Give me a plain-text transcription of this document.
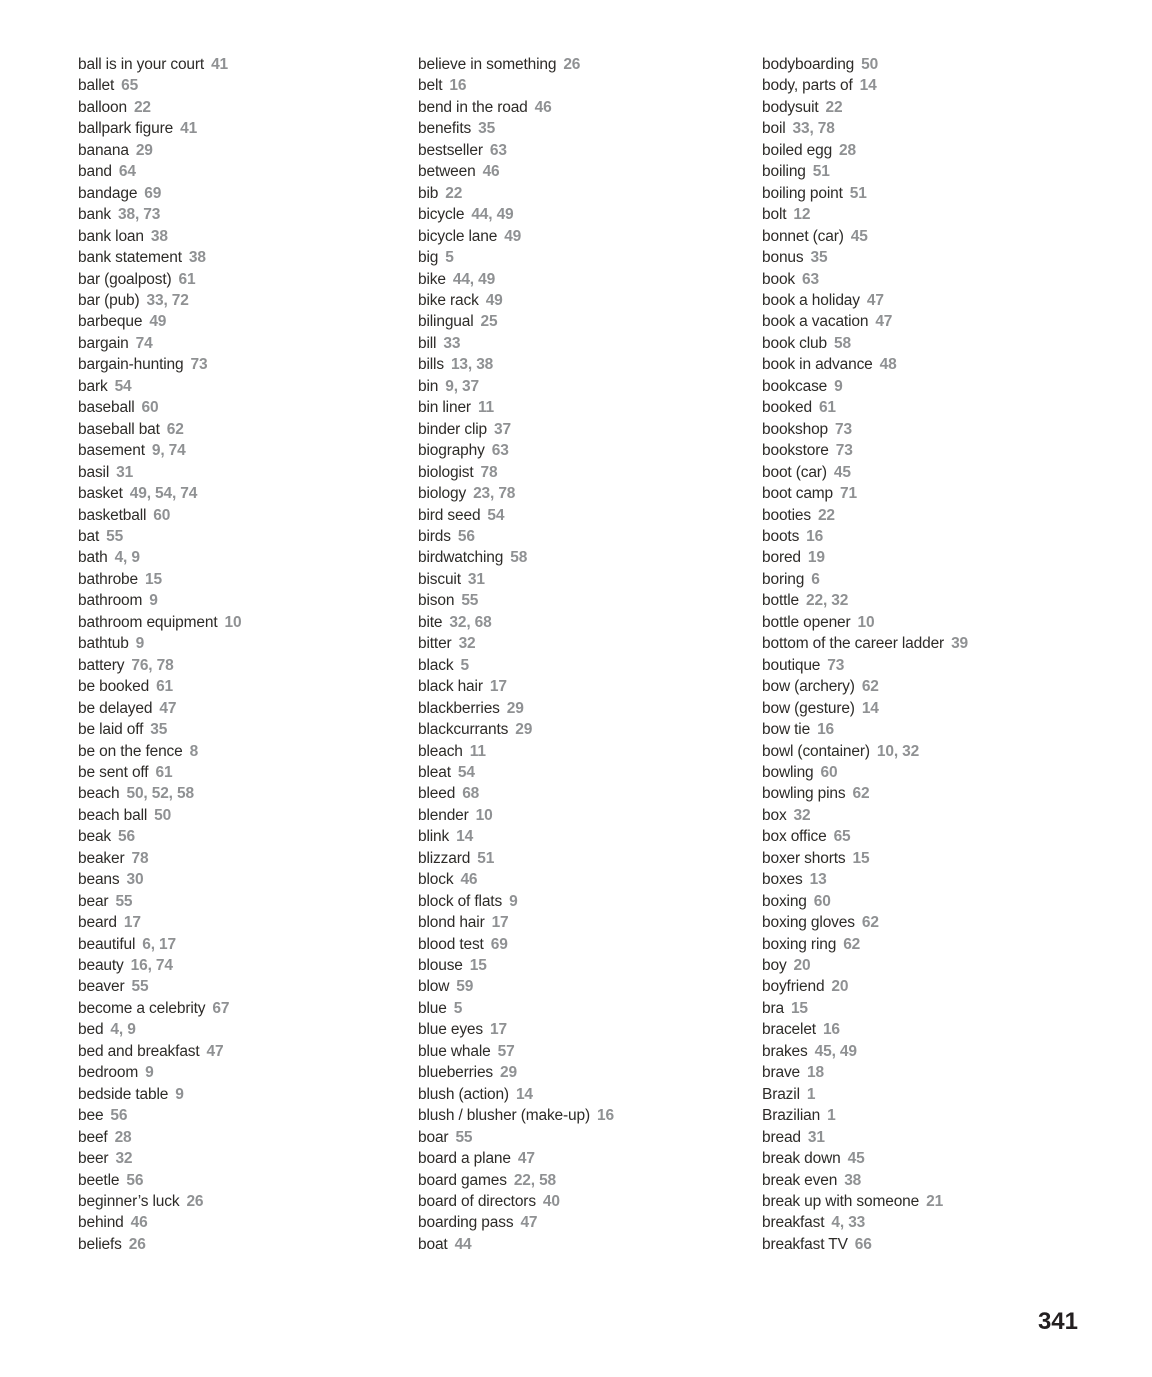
ball is in your court 41
ballet 65
balloon 22
ballpark figure 41
banana 29
band 64
bandage 69
bank 38, 73
bank loan 38
bank statement 38
bar (goalpost) 61
bar (pub) 33, 72
barbeque 49
bargain 74
bargain-hunting 73
bark 54
baseball 60
baseball bat 62
basement 9, 74
basil 31
basket 49, 54, 74
basketball 60
bat 55
bath 4, 9
bathrobe 15
bathroom 9
bathroom equipment 10
bathtub 9
battery 76, 78
be booked 61
be delayed 47
be laid off 35
be on the fence 8
be sent off 61
beach 50, 52, 58
beach ball 50
beak 56
beaker 78
beans 30
bear 55
beard 17
beautiful 6, 17
beauty 16, 74
beaver 55
become a celebrity 67
bed 4, 9
bed and breakfast 47
bedroom 9
bedside table 9
bee 56
beef 28
beer 32
beetle 56
beginner’s luck 26
behind 46
beliefs 26
believe in something 26
belt 16
bend in the road 46
benefits 35
bestseller 63
between 46
bib 22
bicycle 44, 49
bicycle lane 49
big 5
bike 44, 49
bike rack 49
bilingual 25
bill 33
bills 13, 38
bin 9, 37
bin liner 11
binder clip 37
biography 63
biologist 78
biology 23, 78
bird seed 54
birds 56
birdwatching 58
biscuit 31
bison 55
bite 32, 68
bitter 32
black 5
black hair 17
blackberries 29
blackcurrants 29
bleach 11
bleat 54
bleed 68
blender 10
blink 14
blizzard 51
block 46
block of flats 9
blond hair 17
blood test 69
blouse 15
blow 59
blue 5
blue eyes 17
blue whale 57
blueberries 29
blush (action) 14
blush / blusher (make-up) 16
boar 55
board a plane 47
board games 22, 58
board of directors 40
boarding pass 47
boat 44
bodyboarding 50
body, parts of 14
bodysuit 22
boil 33, 78
boiled egg 28
boiling 51
boiling point 51
bolt 12
bonnet (car) 45
bonus 35
book 63
book a holiday 47
book a vacation 47
book club 58
book in advance 48
bookcase 9
booked 61
bookshop 73
bookstore 73
boot (car) 45
boot camp 71
booties 22
boots 16
bored 19
boring 6
bottle 22, 32
bottle opener 10
bottom of the career ladder 39
boutique 73
bow (archery) 62
bow (gesture) 14
bow tie 16
bowl (container) 10, 32
bowling 60
bowling pins 62
box 32
box office 65
boxer shorts 15
boxes 13
boxing 60
boxing gloves 62
boxing ring 62
boy 20
boyfriend 20
bra 15
bracelet 16
brakes 45, 49
brave 18
Brazil 1
Brazilian 1
bread 31
break down 45
break even 38
break up with someone 21
breakfast 4, 33
breakfast TV 66
341
